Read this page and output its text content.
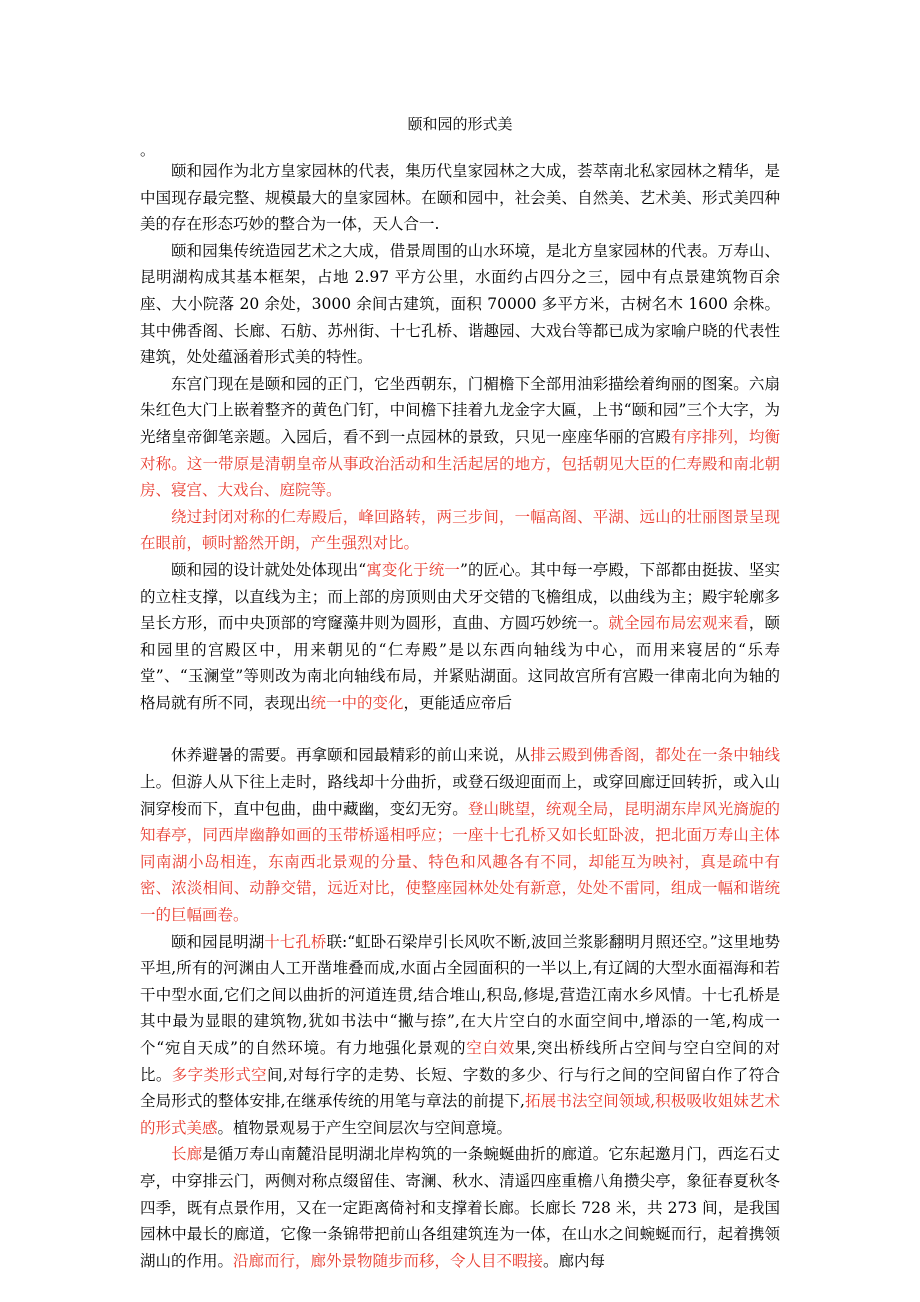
颐和园的形式美
。

颐和园作为北方皇家园林的代表，集历代皇家园林之大成，荟萃南北私家园林之精华，是中国现存最完整、规模最大的皇家园林。在颐和园中，社会美、自然美、艺术美、形式美四种美的存在形态巧妙的整合为一体，天人合一.

颐和园集传统造园艺术之大成，借景周围的山水环境，是北方皇家园林的代表。万寿山、昆明湖构成其基本框架，占地 2.97 平方公里，水面约占四分之三，园中有点景建筑物百余座、大小院落 20 余处，3000 余间古建筑，面积 70000 多平方米，古树名木 1600 余株。其中佛香阁、长廊、石舫、苏州街、十七孔桥、谐趣园、大戏台等都已成为家喻户晓的代表性建筑，处处蕴涵着形式美的特性。

东宫门现在是颐和园的正门，它坐西朝东，门楣檐下全部用油彩描绘着绚丽的图案。六扇朱红色大门上嵌着整齐的黄色门钉，中间檐下挂着九龙金字大匾，上书“颐和园”三个大字，为光绪皇帝御笔亲题。入园后，看不到一点园林的景致，只见一座座华丽的宫殿有序排列，均衡对称。这一带原是清朝皇帝从事政治活动和生活起居的地方，包括朝见大臣的仁寿殿和南北朝房、寝宫、大戏台、庭院等。

绕过封闭对称的仁寿殿后，峰回路转，两三步间，一幅高阁、平湖、远山的壮丽图景呈现在眼前，顿时豁然开朗，产生强烈对比。

颐和园的设计就处处体现出“寓变化于统一”的匠心。其中每一亭殿，下部都由挺拔、坚实的立柱支撑，以直线为主；而上部的房顶则由犬牙交错的飞檐组成，以曲线为主；殿宇轮廓多呈长方形，而中央顶部的穹窿藻井则为圆形，直曲、方圆巧妙统一。就全园布局宏观来看，颐和园里的宫殿区中，用来朝见的“仁寿殿”是以东西向轴线为中心，而用来寝居的“乐寿堂”、“玉澜堂”等则改为南北向轴线布局，并紧贴湖面。这同故宫所有宫殿一律南北向为轴的格局就有所不同，表现出统一中的变化，更能适应帝后

休养避暑的需要。再拿颐和园最精彩的前山来说，从排云殿到佛香阁，都处在一条中轴线上。但游人从下往上走时，路线却十分曲折，或登石级迎面而上，或穿回廊迂回转折，或入山洞穿梭而下，直中包曲，曲中藏幽，变幻无穷。登山眺望，统观全局，昆明湖东岸风光旖旎的知春亭，同西岸幽静如画的玉带桥遥相呼应；一座十七孔桥又如长虹卧波，把北面万寿山主体同南湖小岛相连，东南西北景观的分量、特色和风趣各有不同，却能互为映衬，真是疏中有密、浓淡相间、动静交错，远近对比，使整座园林处处有新意，处处不雷同，组成一幅和谐统一的巨幅画卷。

颐和园昆明湖十七孔桥联:“虹卧石梁岸引长风吹不断,波回兰浆影翻明月照还空。”这里地势平坦,所有的河渊由人工开凿堆叠而成,水面占全园面积的一半以上,有辽阔的大型水面福海和若干中型水面,它们之间以曲折的河道连贯,结合堆山,积岛,修堤,营造江南水乡风情。十七孔桥是其中最为显眼的建筑物,犹如书法中“撇与捺”,在大片空白的水面空间中,增添的一笔,构成一个“宛自天成”的自然环境。有力地强化景观的空白效果,突出桥线所占空间与空白空间的对比。多字类形式空间,对每行字的走势、长短、字数的多少、行与行之间的空间留白作了符合全局形式的整体安排,在继承传统的用笔与章法的前提下,拓展书法空间领域,积极吸收姐妹艺术的形式美感。植物景观易于产生空间层次与空间意境。

长廊是循万寿山南麓沿昆明湖北岸构筑的一条蜿蜒曲折的廊道。它东起邀月门，西迄石丈亭，中穿排云门，两侧对称点缀留佳、寄澜、秋水、清遥四座重檐八角攒尖亭，象征春夏秋冬四季，既有点景作用，又在一定距离倚衬和支撑着长廊。长廊长 728 米，共 273 间，是我国园林中最长的廊道，它像一条锦带把前山各组建筑连为一体，在山水之间蜿蜒而行，起着携领湖山的作用。沿廊而行，廊外景物随步而移，令人目不暇接。廊内每
